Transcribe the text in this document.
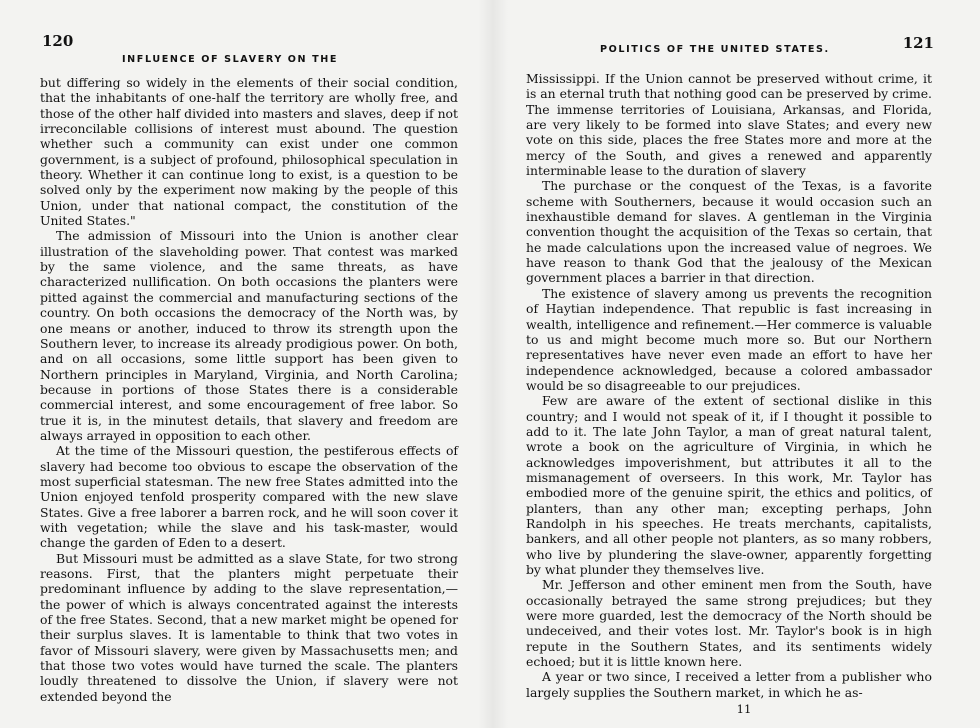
120
INFLUENCE OF SLAVERY ON THE

but differing so widely in the elements of their social condition, that the inhabitants of one-half the territory are wholly free, and those of the other half divided into masters and slaves, deep if not irreconcilable collisions of interest must abound. The question whether such a community can exist under one common government, is a subject of profound, philosophical speculation in theory. Whether it can continue long to exist, is a question to be solved only by the experiment now making by the people of this Union, under that national compact, the constitution of the United States."

The admission of Missouri into the Union is another clear illustration of the slaveholding power. That contest was marked by the same violence, and the same threats, as have characterized nullification. On both occasions the planters were pitted against the commercial and manufacturing sections of the country. On both occasions the democracy of the North was, by one means or another, induced to throw its strength upon the Southern lever, to increase its already prodigious power. On both, and on all occasions, some little support has been given to Northern principles in Maryland, Virginia, and North Carolina; because in portions of those States there is a considerable commercial interest, and some encouragement of free labor. So true it is, in the minutest details, that slavery and freedom are always arrayed in opposition to each other.

At the time of the Missouri question, the pestiferous effects of slavery had become too obvious to escape the observation of the most superficial statesman. The new free States admitted into the Union enjoyed tenfold prosperity compared with the new slave States. Give a free laborer a barren rock, and he will soon cover it with vegetation; while the slave and his task-master, would change the garden of Eden to a desert.

But Missouri must be admitted as a slave State, for two strong reasons. First, that the planters might perpetuate their predominant influence by adding to the slave representation,—the power of which is always concentrated against the interests of the free States. Second, that a new market might be opened for their surplus slaves. It is lamentable to think that two votes in favor of Missouri slavery, were given by Massachusetts men; and that those two votes would have turned the scale. The planters loudly threatened to dissolve the Union, if slavery were not extended beyond the

POLITICS OF THE UNITED STATES.	121

Mississippi. If the Union cannot be preserved without crime, it is an eternal truth that nothing good can be preserved by crime. The immense territories of Louisiana, Arkansas, and Florida, are very likely to be formed into slave States; and every new vote on this side, places the free States more and more at the mercy of the South, and gives a renewed and apparently interminable lease to the duration of slavery

The purchase or the conquest of the Texas, is a favorite scheme with Southerners, because it would occasion such an inexhaustible demand for slaves. A gentleman in the Virginia convention thought the acquisition of the Texas so certain, that he made calculations upon the increased value of negroes. We have reason to thank God that the jealousy of the Mexican government places a barrier in that direction.

The existence of slavery among us prevents the recognition of Haytian independence. That republic is fast increasing in wealth, intelligence and refinement.—Her commerce is valuable to us and might become much more so. But our Northern representatives have never even made an effort to have her independence acknowledged, because a colored ambassador would be so disagreeable to our prejudices.

Few are aware of the extent of sectional dislike in this country; and I would not speak of it, if I thought it possible to add to it. The late John Taylor, a man of great natural talent, wrote a book on the agriculture of Virginia, in which he acknowledges impoverishment, but attributes it all to the mismanagement of overseers. In this work, Mr. Taylor has embodied more of the genuine spirit, the ethics and politics, of planters, than any other man; excepting perhaps, John Randolph in his speeches. He treats merchants, capitalists, bankers, and all other people not planters, as so many robbers, who live by plundering the slave-owner, apparently forgetting by what plunder they themselves live.

Mr. Jefferson and other eminent men from the South, have occasionally betrayed the same strong prejudices; but they were more guarded, lest the democracy of the North should be undeceived, and their votes lost. Mr. Taylor's book is in high repute in the Southern States, and its sentiments widely echoed; but it is little known here.

A year or two since, I received a letter from a publisher who largely supplies the Southern market, in which he as-

11
